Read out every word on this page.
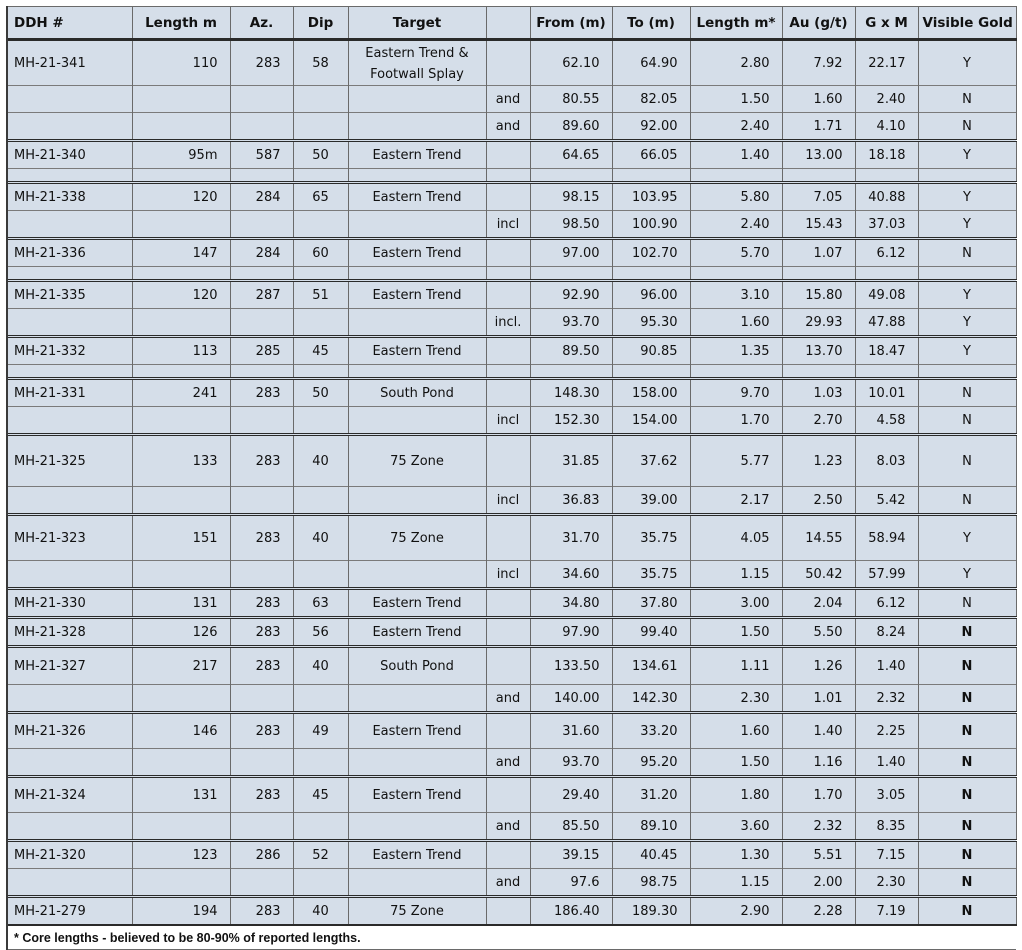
DDH #	Length m	Az.	Dip	Target		From (m)	To (m)	Length m*	Au (g/t)	G x M	Visible Gold
MH-21-341	110	283	58	Eastern Trend & Footwall Splay		62.10	64.90	2.80	7.92	22.17	Y
					and	80.55	82.05	1.50	1.60	2.40	N
					and	89.60	92.00	2.40	1.71	4.10	N
MH-21-340	95m	587	50	Eastern Trend		64.65	66.05	1.40	13.00	18.18	Y

MH-21-338	120	284	65	Eastern Trend		98.15	103.95	5.80	7.05	40.88	Y
					incl	98.50	100.90	2.40	15.43	37.03	Y
MH-21-336	147	284	60	Eastern Trend		97.00	102.70	5.70	1.07	6.12	N

MH-21-335	120	287	51	Eastern Trend		92.90	96.00	3.10	15.80	49.08	Y
					incl.	93.70	95.30	1.60	29.93	47.88	Y
MH-21-332	113	285	45	Eastern Trend		89.50	90.85	1.35	13.70	18.47	Y

MH-21-331	241	283	50	South Pond		148.30	158.00	9.70	1.03	10.01	N
					incl	152.30	154.00	1.70	2.70	4.58	N
MH-21-325	133	283	40	75 Zone		31.85	37.62	5.77	1.23	8.03	N
					incl	36.83	39.00	2.17	2.50	5.42	N
MH-21-323	151	283	40	75 Zone		31.70	35.75	4.05	14.55	58.94	Y
					incl	34.60	35.75	1.15	50.42	57.99	Y
MH-21-330	131	283	63	Eastern Trend		34.80	37.80	3.00	2.04	6.12	N
MH-21-328	126	283	56	Eastern Trend		97.90	99.40	1.50	5.50	8.24	N
MH-21-327	217	283	40	South Pond		133.50	134.61	1.11	1.26	1.40	N
					and	140.00	142.30	2.30	1.01	2.32	N
MH-21-326	146	283	49	Eastern Trend		31.60	33.20	1.60	1.40	2.25	N
					and	93.70	95.20	1.50	1.16	1.40	N
MH-21-324	131	283	45	Eastern Trend		29.40	31.20	1.80	1.70	3.05	N
					and	85.50	89.10	3.60	2.32	8.35	N
MH-21-320	123	286	52	Eastern Trend		39.15	40.45	1.30	5.51	7.15	N
					and	97.6	98.75	1.15	2.00	2.30	N
MH-21-279	194	283	40	75 Zone		186.40	189.30	2.90	2.28	7.19	N
* Core lengths - believed to be 80-90% of reported lengths.
